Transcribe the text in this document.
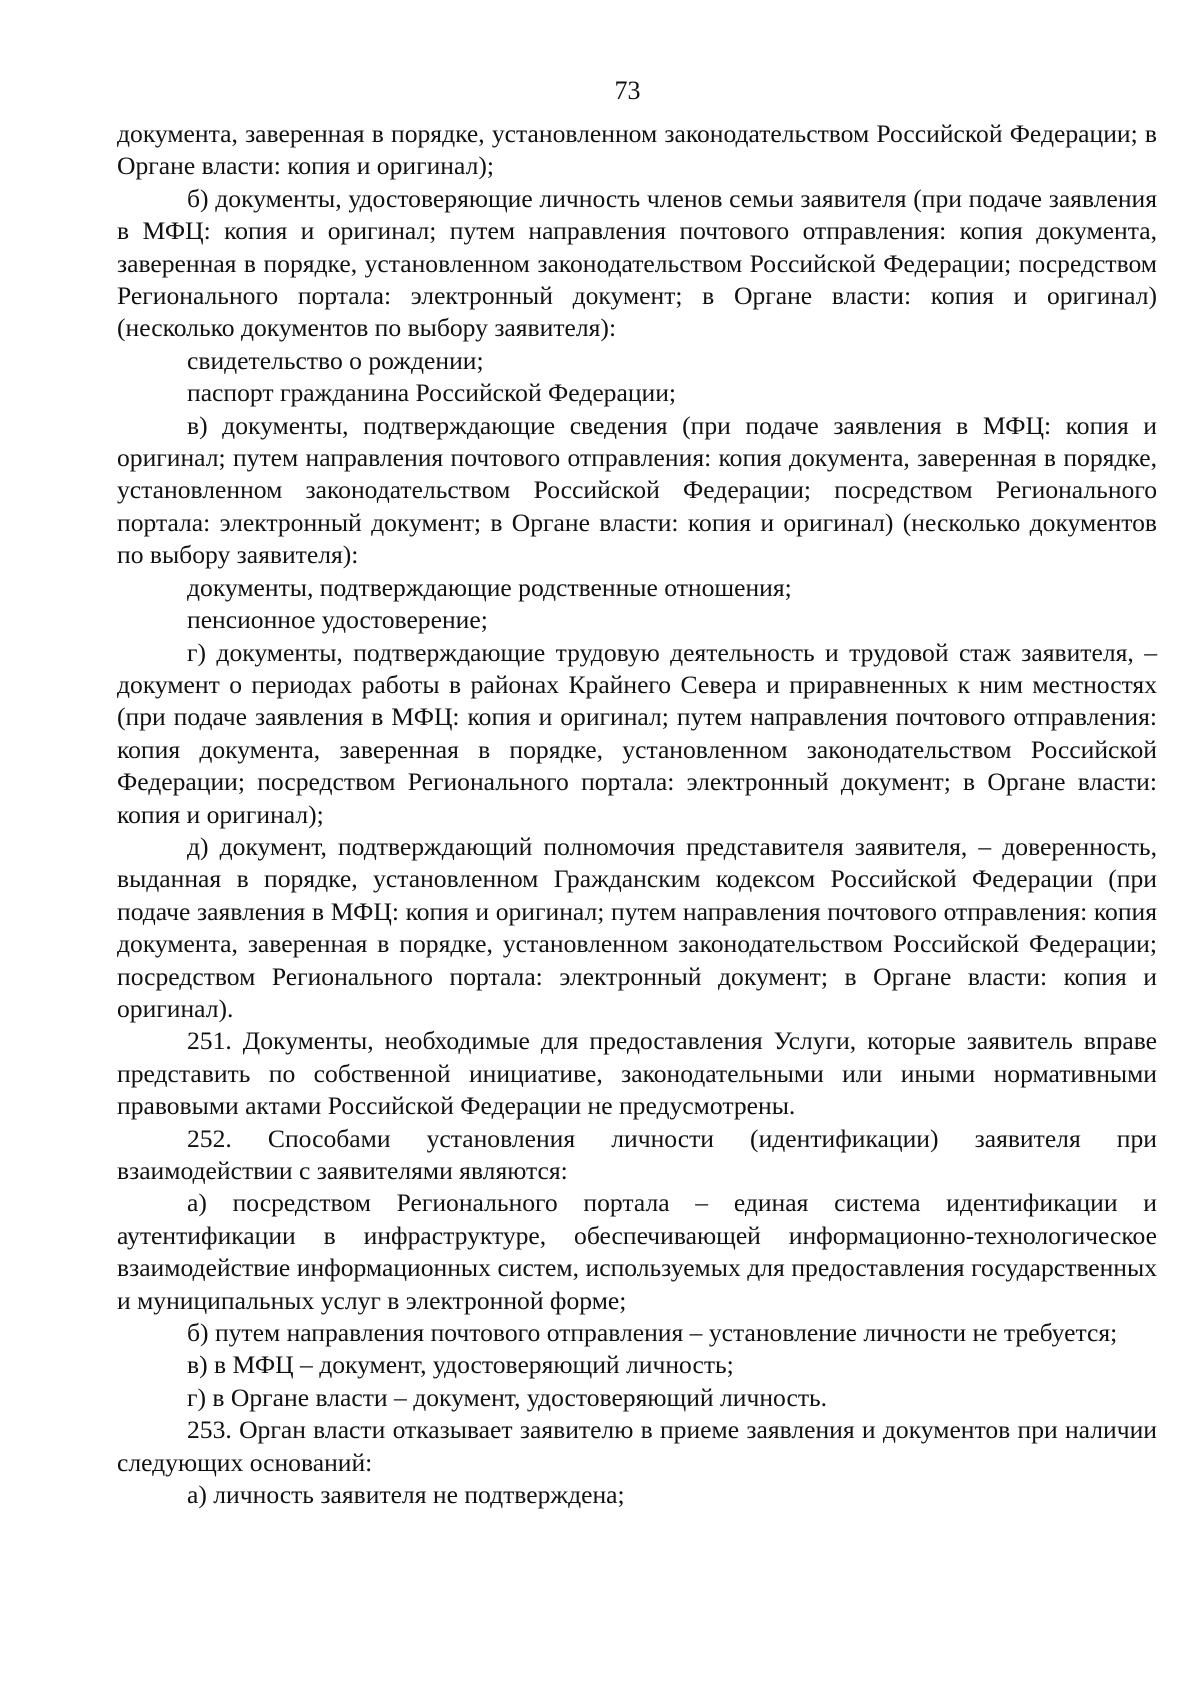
73

документа, заверенная в порядке, установленном законодательством Российской Федерации; в Органе власти: копия и оригинал);

б) документы, удостоверяющие личность членов семьи заявителя (при подаче заявления в МФЦ: копия и оригинал; путем направления почтового отправления: копия документа, заверенная в порядке, установленном законодательством Российской Федерации; посредством Регионального портала: электронный документ; в Органе власти: копия и оригинал) (несколько документов по выбору заявителя):

свидетельство о рождении;

паспорт гражданина Российской Федерации;

в) документы, подтверждающие сведения (при подаче заявления в МФЦ: копия и оригинал; путем направления почтового отправления: копия документа, заверенная в порядке, установленном законодательством Российской Федерации; посредством Регионального портала: электронный документ; в Органе власти: копия и оригинал) (несколько документов по выбору заявителя):

документы, подтверждающие родственные отношения;

пенсионное удостоверение;

г) документы, подтверждающие трудовую деятельность и трудовой стаж заявителя, – документ о периодах работы в районах Крайнего Севера и приравненных к ним местностях (при подаче заявления в МФЦ: копия и оригинал; путем направления почтового отправления: копия документа, заверенная в порядке, установленном законодательством Российской Федерации; посредством Регионального портала: электронный документ; в Органе власти: копия и оригинал);

д) документ, подтверждающий полномочия представителя заявителя, – доверенность, выданная в порядке, установленном Гражданским кодексом Российской Федерации (при подаче заявления в МФЦ: копия и оригинал; путем направления почтового отправления: копия документа, заверенная в порядке, установленном законодательством Российской Федерации; посредством Регионального портала: электронный документ; в Органе власти: копия и оригинал).

251. Документы, необходимые для предоставления Услуги, которые заявитель вправе представить по собственной инициативе, законодательными или иными нормативными правовыми актами Российской Федерации не предусмотрены.

252. Способами установления личности (идентификации) заявителя при взаимодействии с заявителями являются:

а) посредством Регионального портала – единая система идентификации и аутентификации в инфраструктуре, обеспечивающей информационно-технологическое взаимодействие информационных систем, используемых для предоставления государственных и муниципальных услуг в электронной форме;

б) путем направления почтового отправления – установление личности не требуется;

в) в МФЦ – документ, удостоверяющий личность;

г) в Органе власти – документ, удостоверяющий личность.

253. Орган власти отказывает заявителю в приеме заявления и документов при наличии следующих оснований:

а) личность заявителя не подтверждена;
